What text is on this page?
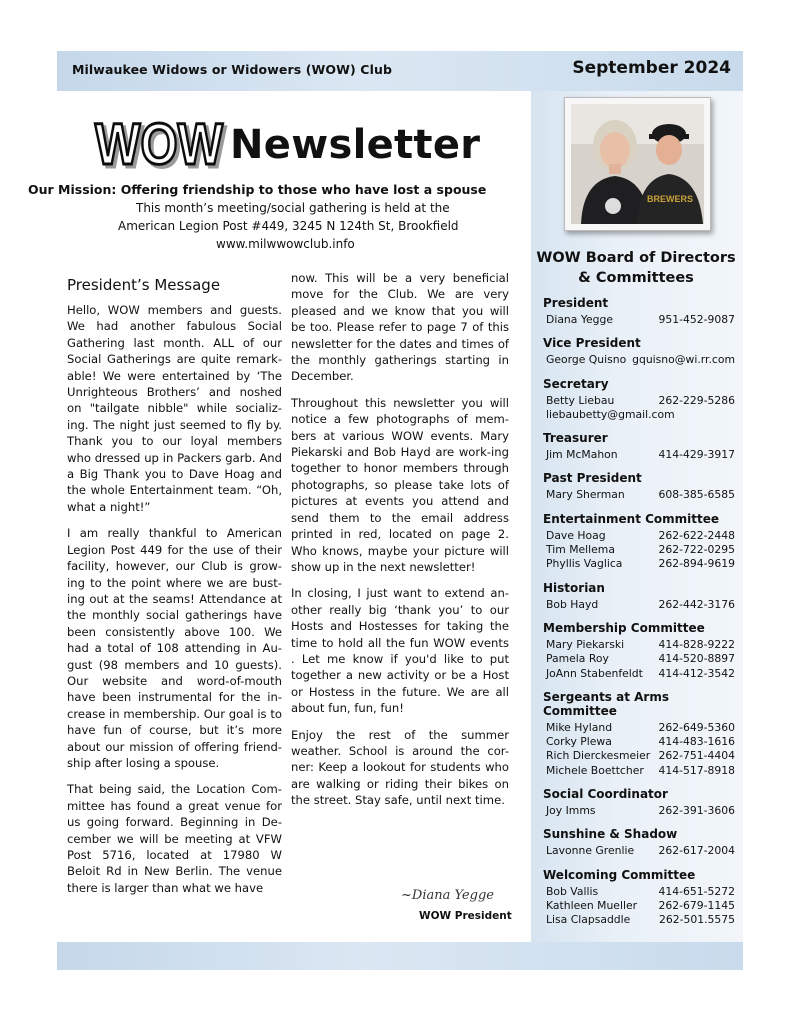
Milwaukee Widows or Widowers (WOW) Club	September 2024
WOW Newsletter
Our Mission: Offering friendship to those who have lost a spouse
This month’s meeting/social gathering is held at the
American Legion Post #449, 3245 N 124th St, Brookfield
www.milwwowclub.info
BREWERS
President’s Message

Hello, WOW members and guests. We had another fabulous Social Gathering last month. ALL of our Social Gatherings are quite remark-able! We were entertained by ‘The Unrighteous Brothers’ and noshed on "tailgate nibble" while socializ-ing. The night just seemed to fly by. Thank you to our loyal members who dressed up in Packers garb. And a Big Thank you to Dave Hoag and the whole Entertainment team. “Oh, what a night!”

I am really thankful to American Legion Post 449 for the use of their facility, however, our Club is grow-ing to the point where we are bust-ing out at the seams! Attendance at the monthly social gatherings have been consistently above 100. We had a total of 108 attending in Au-gust (98 members and 10 guests). Our website and word-of-mouth have been instrumental for the in-crease in membership. Our goal is to have fun of course, but it’s more about our mission of offering friend-ship after losing a spouse.

That being said, the Location Com-mittee has found a great venue for us going forward. Beginning in De-cember we will be meeting at VFW Post 5716, located at 17980 W Beloit Rd in New Berlin. The venue there is larger than what we have

now. This will be a very beneficial move for the Club. We are very pleased and we know that you will be too. Please refer to page 7 of this newsletter for the dates and times of the monthly gatherings starting in December.

Throughout this newsletter you will notice a few photographs of mem-bers at various WOW events. Mary Piekarski and Bob Hayd are work-ing together to honor members through photographs, so please take lots of pictures at events you attend and send them to the email address printed in red, located on page 2. Who knows, maybe your picture will show up in the next newsletter!

In closing, I just want to extend an-other really big ‘thank you’ to our Hosts and Hostesses for taking the time to hold all the fun WOW events . Let me know if you'd like to put together a new activity or be a Host or Hostess in the future. We are all about fun, fun, fun!

Enjoy the rest of the summer weather. School is around the cor-ner: Keep a lookout for students who are walking or riding their bikes on the street. Stay safe, until next time.

~Diana Yegge
WOW President
WOW Board of Directors
& Committees
President
Diana Yegge	951-452-9087
Vice President
George Quisno gquisno@wi.rr.com
Secretary
Betty Liebau	262-229-5286
liebaubetty@gmail.com
Treasurer
Jim McMahon	414-429-3917
Past President
Mary Sherman	608-385-6585
Entertainment Committee
Dave Hoag	262-622-2448
Tim Mellema	262-722-0295
Phyllis Vaglica	262-894-9619
Historian
Bob Hayd	262-442-3176
Membership Committee
Mary Piekarski	414-828-9222
Pamela Roy	414-520-8897
JoAnn Stabenfeldt 414-412-3542
Sergeants at Arms Committee
Mike Hyland	262-649-5360
Corky Plewa	414-483-1616
Rich Dierckesmeier 262-751-4404
Michele Boettcher 414-517-8918
Social Coordinator
Joy Imms	262-391-3606
Sunshine & Shadow
Lavonne Grenlie 262-617-2004
Welcoming Committee
Bob Vallis	414-651-5272
Kathleen Mueller 262-679-1145
Lisa Clapsaddle	262-501.5575
